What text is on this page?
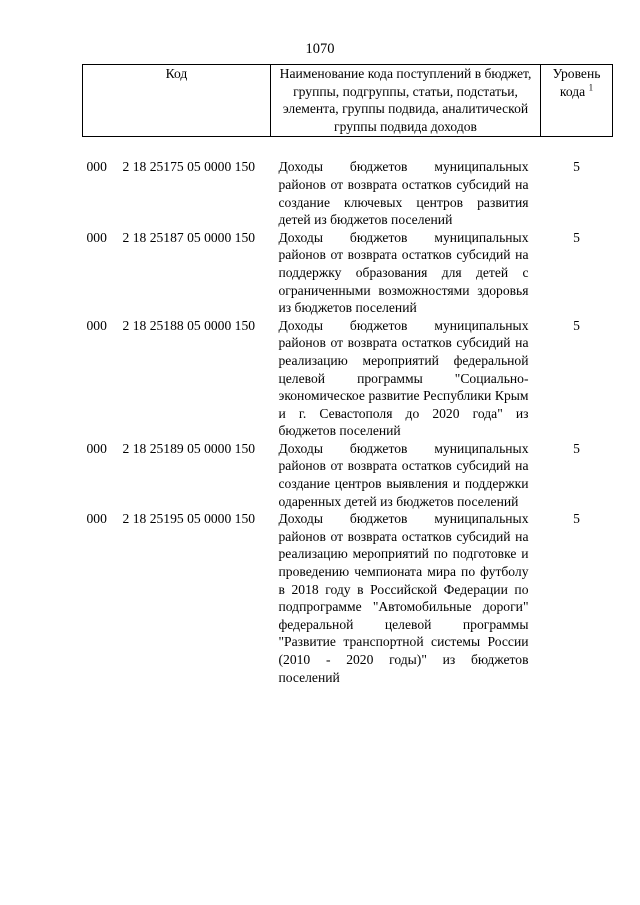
1070
Код	Наименование кода поступлений в бюджет, группы, подгруппы, статьи, подстатьи, элемента, группы подвида, аналитической группы подвида доходов	Уровень кода $^1$

000 2 18 25175 05 0000 150	Доходы бюджетов муниципальных районов от возврата остатков субсидий на создание ключевых центров развития детей из бюджетов поселений	5
000 2 18 25187 05 0000 150	Доходы бюджетов муниципальных районов от возврата остатков субсидий на поддержку образования для детей с ограниченными возможностями здоровья из бюджетов поселений	5
000 2 18 25188 05 0000 150	Доходы бюджетов муниципальных районов от возврата остатков субсидий на реализацию мероприятий федеральной целевой программы "Социально-экономическое развитие Республики Крым и г. Севастополя до 2020 года" из бюджетов поселений	5
000 2 18 25189 05 0000 150	Доходы бюджетов муниципальных районов от возврата остатков субсидий на создание центров выявления и поддержки одаренных детей из бюджетов поселений	5
000 2 18 25195 05 0000 150	Доходы бюджетов муниципальных районов от возврата остатков субсидий на реализацию мероприятий по подготовке и проведению чемпионата мира по футболу в 2018 году в Российской Федерации по подпрограмме "Автомобильные дороги" федеральной целевой программы "Развитие транспортной системы России (2010 - 2020 годы)" из бюджетов поселений	5
